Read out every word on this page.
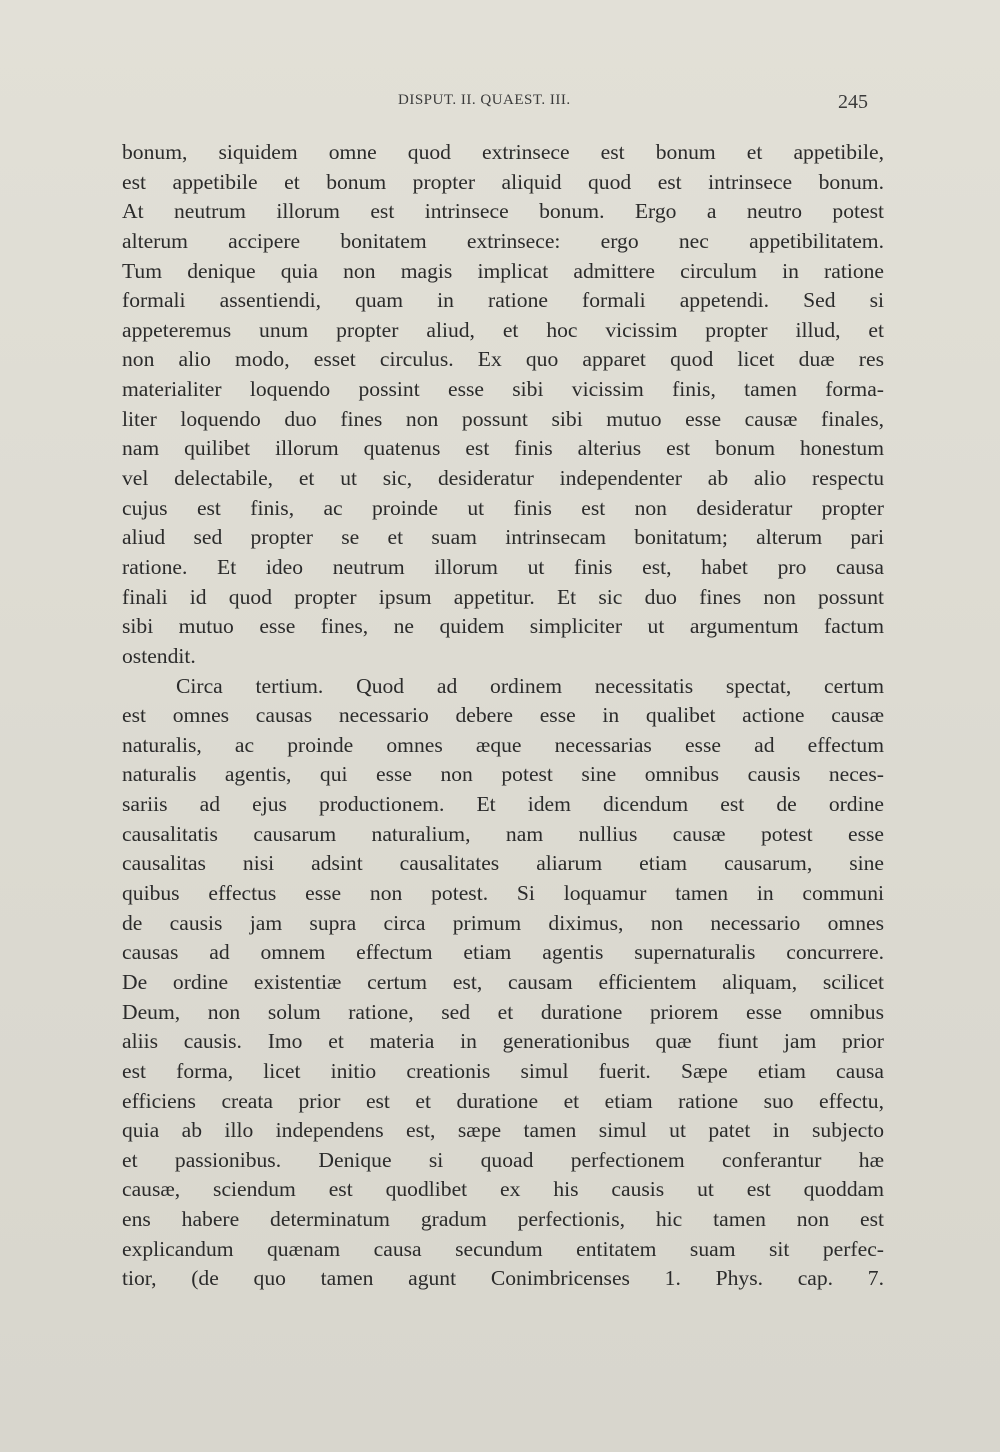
DISPUT. II. QUAEST. III.	245
bonum, siquidem omne quod extrinsece est bonum et appetibile,
est appetibile et bonum propter aliquid quod est intrinsece bonum.
At neutrum illorum est intrinsece bonum. Ergo a neutro potest
alterum accipere bonitatem extrinsece: ergo nec appetibilitatem.
Tum denique quia non magis implicat admittere circulum in ratione
formali assentiendi, quam in ratione formali appetendi. Sed si
appeteremus unum propter aliud, et hoc vicissim propter illud, et
non alio modo, esset circulus. Ex quo apparet quod licet duæ res
materialiter loquendo possint esse sibi vicissim finis, tamen forma-
liter loquendo duo fines non possunt sibi mutuo esse causæ finales,
nam quilibet illorum quatenus est finis alterius est bonum honestum
vel delectabile, et ut sic, desideratur independenter ab alio respectu
cujus est finis, ac proinde ut finis est non desideratur propter
aliud sed propter se et suam intrinsecam bonitatum; alterum pari
ratione. Et ideo neutrum illorum ut finis est, habet pro causa
finali id quod propter ipsum appetitur. Et sic duo fines non possunt
sibi mutuo esse fines, ne quidem simpliciter ut argumentum factum
ostendit.
Circa tertium. Quod ad ordinem necessitatis spectat, certum
est omnes causas necessario debere esse in qualibet actione causæ
naturalis, ac proinde omnes æque necessarias esse ad effectum
naturalis agentis, qui esse non potest sine omnibus causis neces-
sariis ad ejus productionem. Et idem dicendum est de ordine
causalitatis causarum naturalium, nam nullius causæ potest esse
causalitas nisi adsint causalitates aliarum etiam causarum, sine
quibus effectus esse non potest. Si loquamur tamen in communi
de causis jam supra circa primum diximus, non necessario omnes
causas ad omnem effectum etiam agentis supernaturalis concurrere.
De ordine existentiæ certum est, causam efficientem aliquam, scilicet
Deum, non solum ratione, sed et duratione priorem esse omnibus
aliis causis. Imo et materia in generationibus quæ fiunt jam prior
est forma, licet initio creationis simul fuerit. Sæpe etiam causa
efficiens creata prior est et duratione et etiam ratione suo effectu,
quia ab illo independens est, sæpe tamen simul ut patet in subjecto
et passionibus. Denique si quoad perfectionem conferantur hæ
causæ, sciendum est quodlibet ex his causis ut est quoddam
ens habere determinatum gradum perfectionis, hic tamen non est
explicandum quænam causa secundum entitatem suam sit perfec-
tior, (de quo tamen agunt Conimbricenses 1. Phys. cap. 7.
